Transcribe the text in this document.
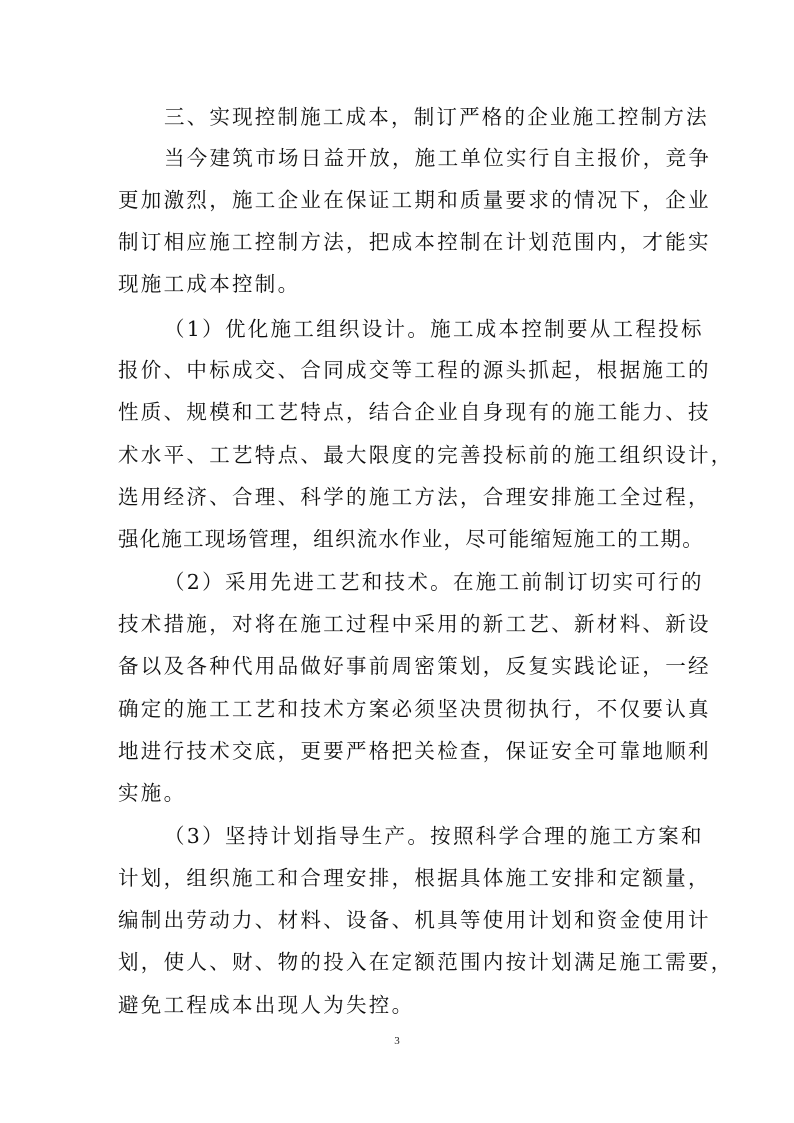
三、实现控制施工成本，制订严格的企业施工控制方法
当今建筑市场日益开放，施工单位实行自主报价，竞争
更加激烈，施工企业在保证工期和质量要求的情况下，企业
制订相应施工控制方法，把成本控制在计划范围内，才能实
现施工成本控制。
（1）优化施工组织设计。施工成本控制要从工程投标
报价、中标成交、合同成交等工程的源头抓起，根据施工的
性质、规模和工艺特点，结合企业自身现有的施工能力、技
术水平、工艺特点、最大限度的完善投标前的施工组织设计，
选用经济、合理、科学的施工方法，合理安排施工全过程，
强化施工现场管理，组织流水作业，尽可能缩短施工的工期。
（2）采用先进工艺和技术。在施工前制订切实可行的
技术措施，对将在施工过程中采用的新工艺、新材料、新设
备以及各种代用品做好事前周密策划，反复实践论证，一经
确定的施工工艺和技术方案必须坚决贯彻执行，不仅要认真
地进行技术交底，更要严格把关检查，保证安全可靠地顺利
实施。
（3）坚持计划指导生产。按照科学合理的施工方案和
计划，组织施工和合理安排，根据具体施工安排和定额量，
编制出劳动力、材料、设备、机具等使用计划和资金使用计
划，使人、财、物的投入在定额范围内按计划满足施工需要，
避免工程成本出现人为失控。
3
